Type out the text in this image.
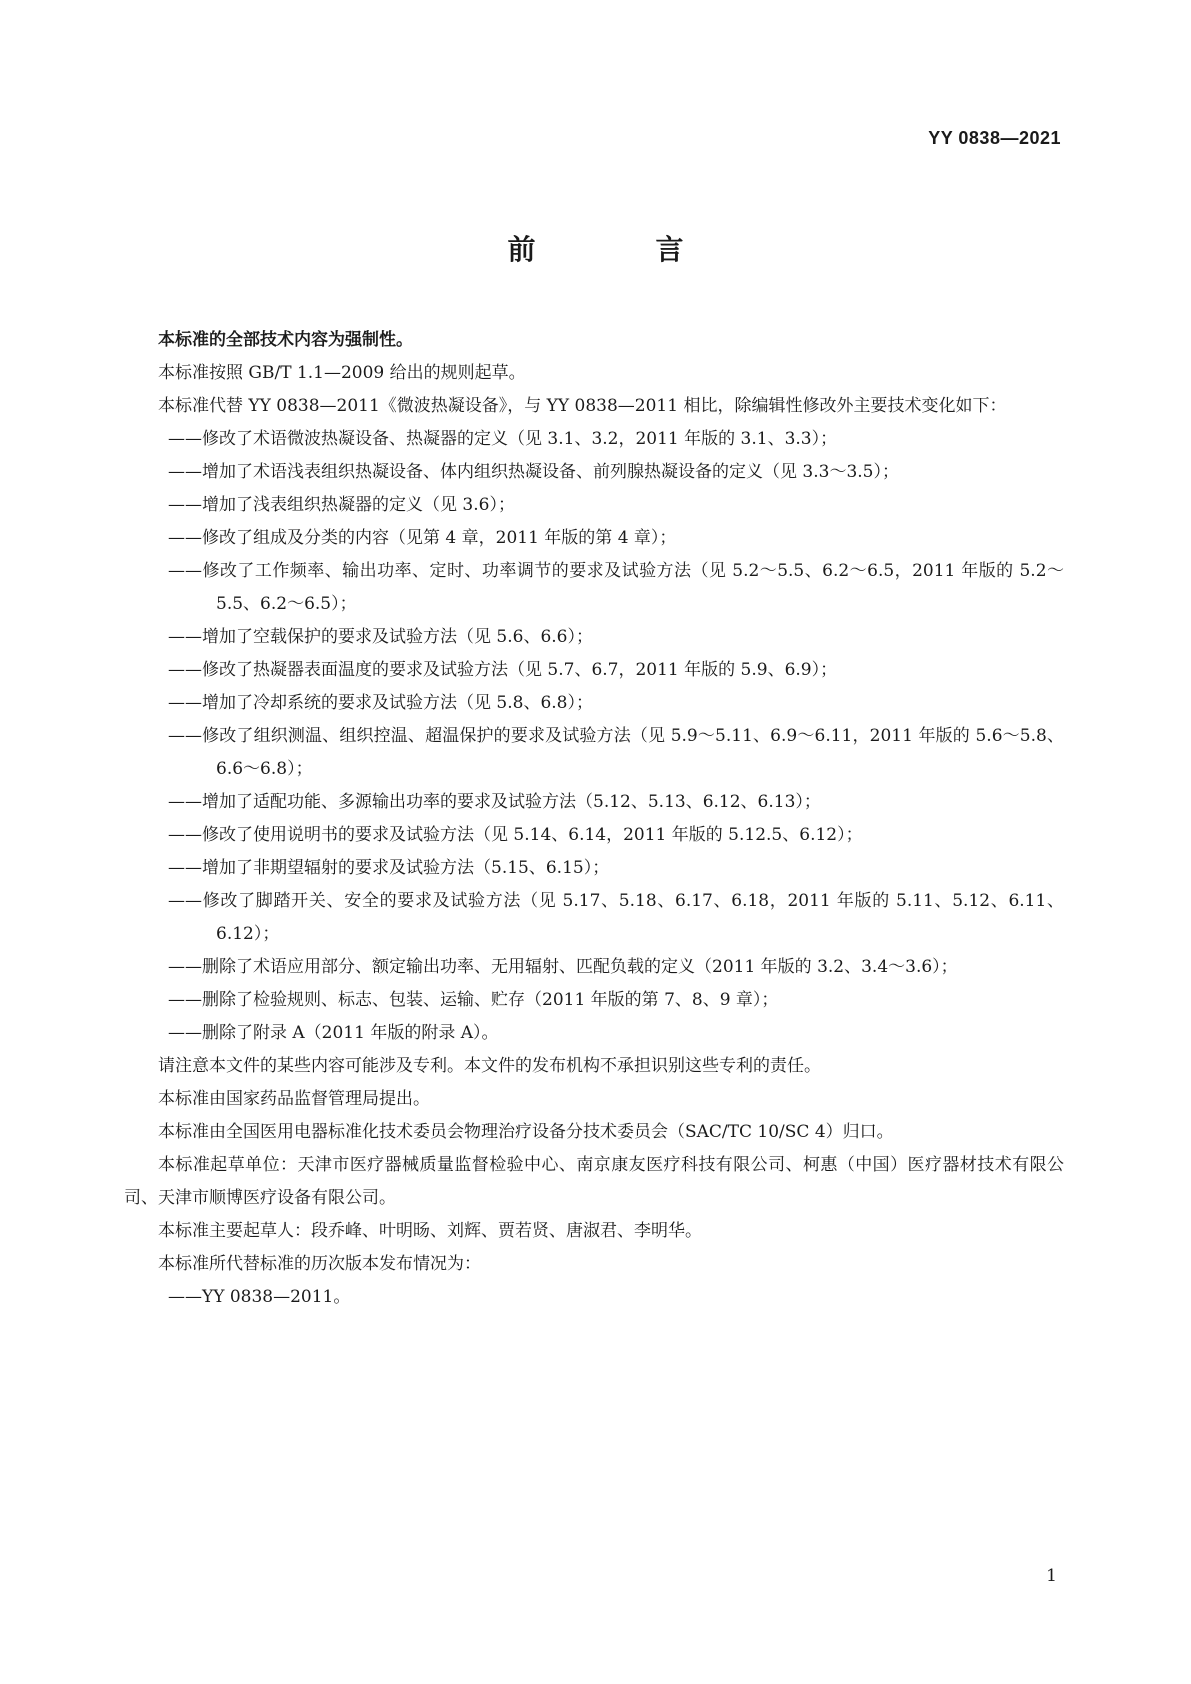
YY 0838—2021
前　言

本标准的全部技术内容为强制性。

本标准按照 GB/T 1.1—2009 给出的规则起草。

本标准代替 YY 0838—2011《微波热凝设备》，与 YY 0838—2011 相比，除编辑性修改外主要技术变化如下：

——修改了术语微波热凝设备、热凝器的定义（见 3.1、3.2，2011 年版的 3.1、3.3）；
——增加了术语浅表组织热凝设备、体内组织热凝设备、前列腺热凝设备的定义（见 3.3～3.5）；
——增加了浅表组织热凝器的定义（见 3.6）；
——修改了组成及分类的内容（见第 4 章，2011 年版的第 4 章）；
——修改了工作频率、输出功率、定时、功率调节的要求及试验方法（见 5.2～5.5、6.2～6.5，2011 年版的 5.2～5.5、6.2～6.5）；
——增加了空载保护的要求及试验方法（见 5.6、6.6）；
——修改了热凝器表面温度的要求及试验方法（见 5.7、6.7，2011 年版的 5.9、6.9）；
——增加了冷却系统的要求及试验方法（见 5.8、6.8）；
——修改了组织测温、组织控温、超温保护的要求及试验方法（见 5.9～5.11、6.9～6.11，2011 年版的 5.6～5.8、6.6～6.8）；
——增加了适配功能、多源输出功率的要求及试验方法（5.12、5.13、6.12、6.13）；
——修改了使用说明书的要求及试验方法（见 5.14、6.14，2011 年版的 5.12.5、6.12）；
——增加了非期望辐射的要求及试验方法（5.15、6.15）；
——修改了脚踏开关、安全的要求及试验方法（见 5.17、5.18、6.17、6.18，2011 年版的 5.11、5.12、6.11、6.12）；
——删除了术语应用部分、额定输出功率、无用辐射、匹配负载的定义（2011 年版的 3.2、3.4～3.6）；
——删除了检验规则、标志、包装、运输、贮存（2011 年版的第 7、8、9 章）；
——删除了附录 A（2011 年版的附录 A）。

请注意本文件的某些内容可能涉及专利。本文件的发布机构不承担识别这些专利的责任。

本标准由国家药品监督管理局提出。

本标准由全国医用电器标准化技术委员会物理治疗设备分技术委员会（SAC/TC 10/SC 4）归口。

本标准起草单位：天津市医疗器械质量监督检验中心、南京康友医疗科技有限公司、柯惠（中国）医疗器材技术有限公司、天津市顺博医疗设备有限公司。

本标准主要起草人：段乔峰、叶明旸、刘辉、贾若贤、唐淑君、李明华。

本标准所代替标准的历次版本发布情况为：

——YY 0838—2011。
1
